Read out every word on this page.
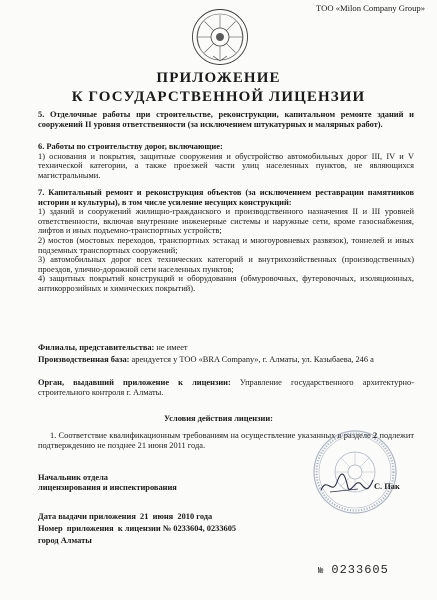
ТОО «Milon Company Group»
ПРИЛОЖЕНИЕ
К ГОСУДАРСТВЕННОЙ ЛИЦЕНЗИИ
5. Отделочные работы при строительстве, реконструкции, капитальном ремонте зданий и сооружений II уровня ответственности (за исключением штукатурных и малярных работ).
6. Работы по строительству дорог, включающие:
1) основания и покрытия, защитные сооружения и обустройство автомобильных дорог III, IV и V технической категории, а также проезжей части улиц населенных пунктов, не являющихся магистральными.
7. Капитальный ремонт и реконструкция объектов (за исключением реставрации памятников истории и культуры), в том числе усиление несущих конструкций:
1) зданий и сооружений жилищно-гражданского и производственного назначения II и III уровней ответственности, включая внутренние инженерные системы и наружные сети, кроме газоснабжения, лифтов и иных подъемно-транспортных устройств;
2) мостов (мостовых переходов, транспортных эстакад и многоуровневых развязок), тоннелей и иных подземных транспортных сооружений;
3) автомобильных дорог всех технических категорий и внутрихозяйственных (производственных) проездов, улично-дорожной сети населенных пунктов;
4) защитных покрытий конструкций и оборудования (обмуровочных, футеровочных, изоляционных, антикоррозийных и химических покрытий).
Филиалы, представительства: не имеет
Производственная база: арендуется у ТОО «BRA Company», г. Алматы, ул. Казыбаева, 246 а
Орган, выдавший приложение к лицензии: Управление государственного архитектурно-строительного контроля г. Алматы.
Условия действия лицензии:
1. Соответствие квалификационным требованиям на осуществление указанных в разделе 2 подлежит подтверждению не позднее 21 июня 2011 года.
Начальник отдела
лицензирования и инспектирования	С. Пак
Дата выдачи приложения  21  июня  2010 года
Номер  приложения  к лицензии № 0233604, 0233605
город Алматы
№ 0233605
